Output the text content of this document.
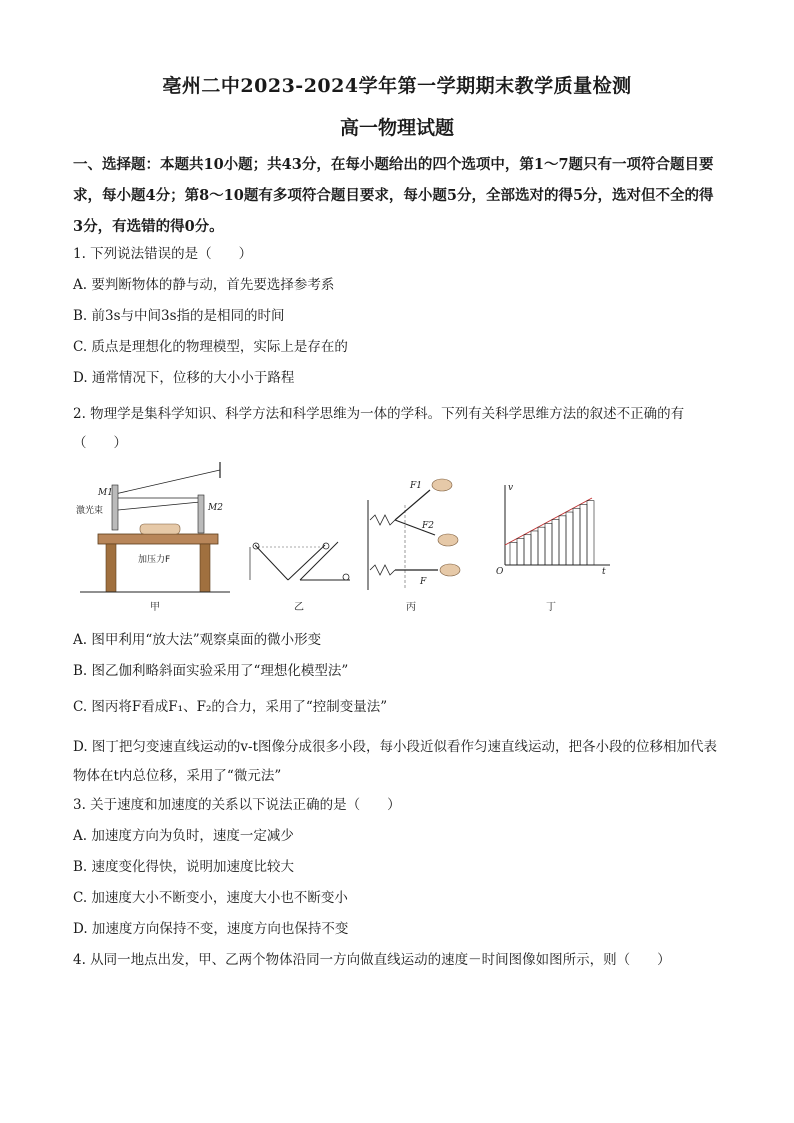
亳州二中2023-2024学年第一学期期末教学质量检测
高一物理试题
一、选择题：本题共10小题；共43分，在每小题给出的四个选项中，第1～7题只有一项符合题目要求，每小题4分；第8～10题有多项符合题目要求，每小题5分，全部选对的得5分，选对但不全的得3分，有选错的得0分。
1. 下列说法错误的是（　　）
A. 要判断物体的静与动，首先要选择参考系
B. 前3s与中间3s指的是相同的时间
C. 质点是理想化的物理模型，实际上是存在的
D. 通常情况下，位移的大小小于路程
2. 物理学是集科学知识、科学方法和科学思维为一体的学科。下列有关科学思维方法的叙述不正确的有（　　）
M1
M2
激光束
加压力F
甲	乙
F1
F2
F
丙
v
t
O
丁
A. 图甲利用“放大法”观察桌面的微小形变
B. 图乙伽利略斜面实验采用了“理想化模型法”
C. 图丙将F看成F₁、F₂的合力，采用了“控制变量法”
D. 图丁把匀变速直线运动的v-t图像分成很多小段，每小段近似看作匀速直线运动，把各小段的位移相加代表物体在t内总位移，采用了“微元法”
3. 关于速度和加速度的关系以下说法正确的是（　　）
A. 加速度方向为负时，速度一定减少
B. 速度变化得快，说明加速度比较大
C. 加速度大小不断变小，速度大小也不断变小
D. 加速度方向保持不变，速度方向也保持不变
4. 从同一地点出发，甲、乙两个物体沿同一方向做直线运动的速度－时间图像如图所示，则（　　）
